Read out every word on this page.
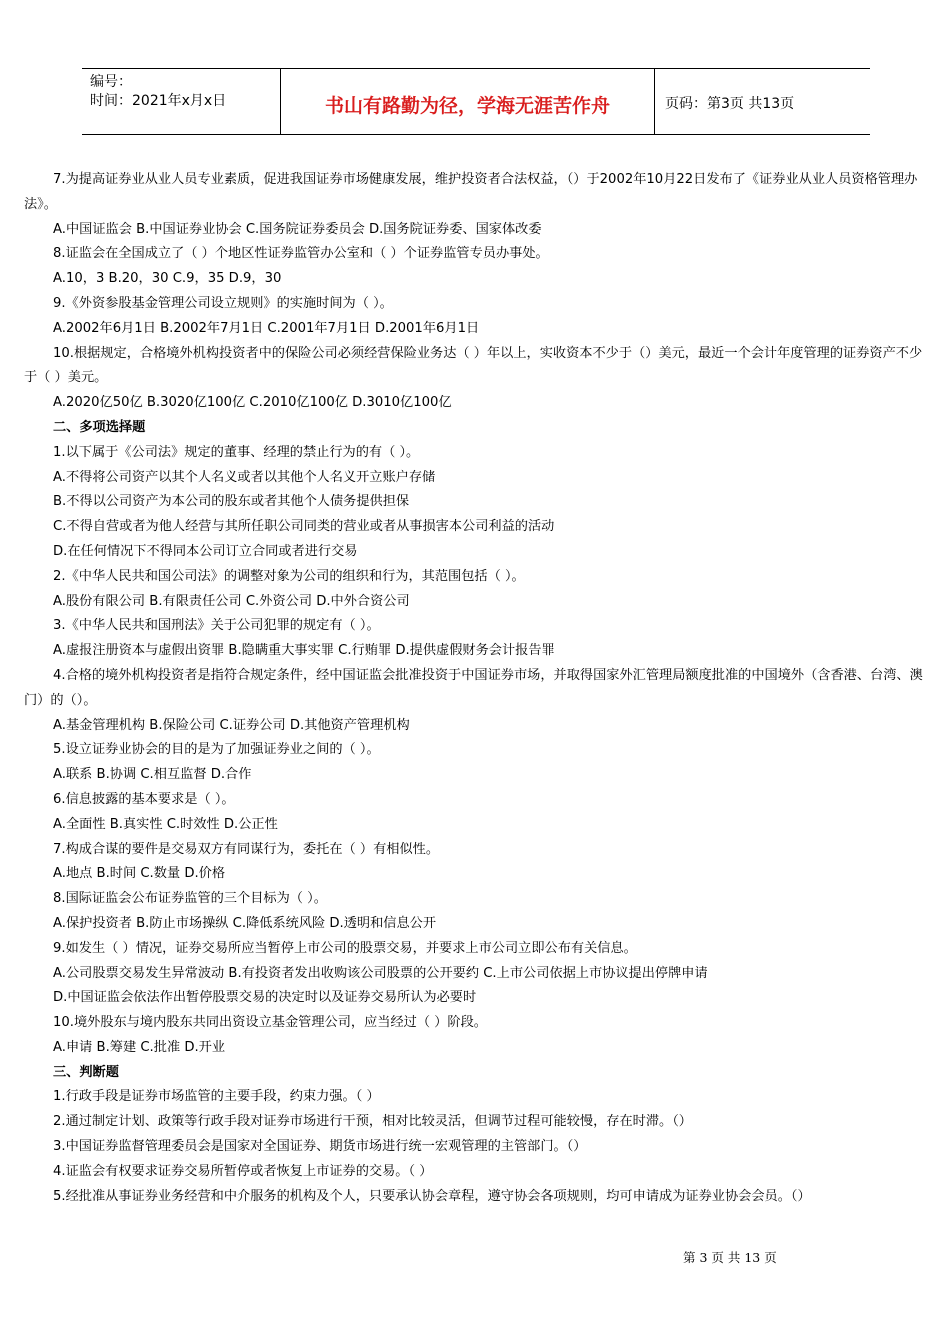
编号：
时间：2021年x月x日	书山有路勤为径，学海无涯苦作舟	页码：第3页 共13页

7.为提高证券业从业人员专业素质，促进我国证券市场健康发展，维护投资者合法权益，（）于2002年10月22日发布了《证券业从业人员资格管理办法》。

A.中国证监会 B.中国证券业协会 C.国务院证券委员会 D.国务院证券委、国家体改委

8.证监会在全国成立了（ ）个地区性证券监管办公室和（ ）个证券监管专员办事处。

A.10，3 B.20，30 C.9，35 D.9，30

9.《外资参股基金管理公司设立规则》的实施时间为（ ）。

A.2002年6月1日 B.2002年7月1日 C.2001年7月1日 D.2001年6月1日

10.根据规定，合格境外机构投资者中的保险公司必须经营保险业务达（ ）年以上，实收资本不少于（）美元，最近一个会计年度管理的证券资产不少于（ ）美元。

A.2020亿50亿 B.3020亿100亿 C.2010亿100亿 D.3010亿100亿

二、多项选择题

1.以下属于《公司法》规定的董事、经理的禁止行为的有（ ）。

A.不得将公司资产以其个人名义或者以其他个人名义开立账户存储

B.不得以公司资产为本公司的股东或者其他个人债务提供担保

C.不得自营或者为他人经营与其所任职公司同类的营业或者从事损害本公司利益的活动

D.在任何情况下不得同本公司订立合同或者进行交易

2.《中华人民共和国公司法》的调整对象为公司的组织和行为，其范围包括（ ）。

A.股份有限公司 B.有限责任公司 C.外资公司 D.中外合资公司

3.《中华人民共和国刑法》关于公司犯罪的规定有（ ）。

A.虚报注册资本与虚假出资罪 B.隐瞒重大事实罪 C.行贿罪 D.提供虚假财务会计报告罪

4.合格的境外机构投资者是指符合规定条件，经中国证监会批准投资于中国证券市场，并取得国家外汇管理局额度批准的中国境外（含香港、台湾、澳门）的（）。

A.基金管理机构 B.保险公司 C.证券公司 D.其他资产管理机构

5.设立证券业协会的目的是为了加强证券业之间的（ ）。

A.联系 B.协调 C.相互监督 D.合作

6.信息披露的基本要求是（ ）。

A.全面性 B.真实性 C.时效性 D.公正性

7.构成合谋的要件是交易双方有同谋行为，委托在（ ）有相似性。

A.地点 B.时间 C.数量 D.价格

8.国际证监会公布证券监管的三个目标为（ ）。

A.保护投资者 B.防止市场操纵 C.降低系统风险 D.透明和信息公开

9.如发生（ ）情况，证券交易所应当暂停上市公司的股票交易，并要求上市公司立即公布有关信息。

A.公司股票交易发生异常波动 B.有投资者发出收购该公司股票的公开要约 C.上市公司依据上市协议提出停牌申请

D.中国证监会依法作出暂停股票交易的决定时以及证券交易所认为必要时

10.境外股东与境内股东共同出资设立基金管理公司，应当经过（ ）阶段。

A.申请 B.筹建 C.批准 D.开业

三、判断题

1.行政手段是证券市场监管的主要手段，约束力强。（ ）

2.通过制定计划、政策等行政手段对证券市场进行干预，相对比较灵活，但调节过程可能较慢，存在时滞。（）

3.中国证券监督管理委员会是国家对全国证券、期货市场进行统一宏观管理的主管部门。（）

4.证监会有权要求证券交易所暂停或者恢复上市证券的交易。（ ）

5.经批准从事证券业务经营和中介服务的机构及个人，只要承认协会章程，遵守协会各项规则，均可申请成为证券业协会会员。（）

第 3 页 共 13 页
